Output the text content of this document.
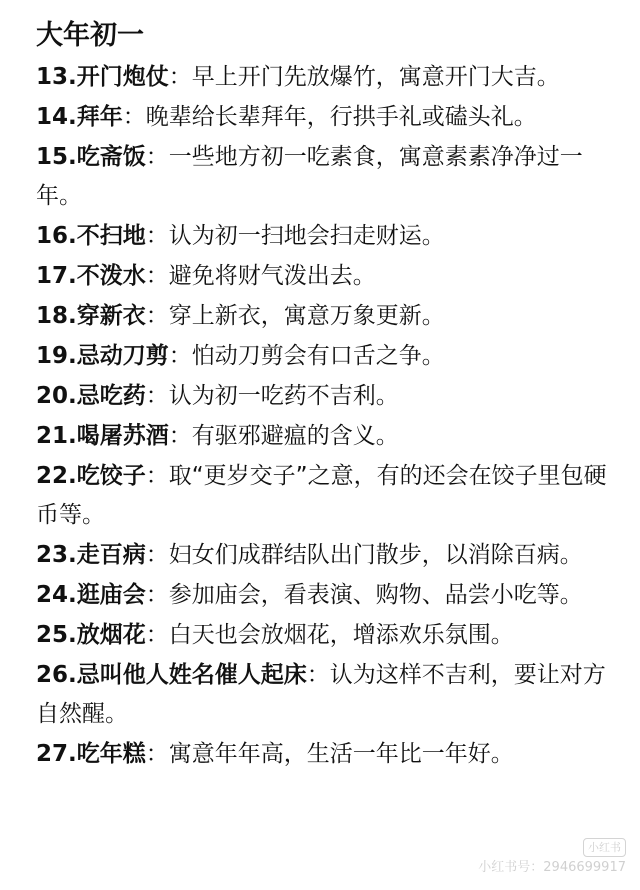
大年初一

13.开门炮仗：早上开门先放爆竹，寓意开门大吉。

14.拜年：晚辈给长辈拜年，行拱手礼或磕头礼。

15.吃斋饭：一些地方初一吃素食，寓意素素净净过一年。

16.不扫地：认为初一扫地会扫走财运。

17.不泼水：避免将财气泼出去。

18.穿新衣：穿上新衣，寓意万象更新。

19.忌动刀剪：怕动刀剪会有口舌之争。

20.忌吃药：认为初一吃药不吉利。

21.喝屠苏酒：有驱邪避瘟的含义。

22.吃饺子：取“更岁交子”之意，有的还会在饺子里包硬币等。

23.走百病：妇女们成群结队出门散步，以消除百病。

24.逛庙会：参加庙会，看表演、购物、品尝小吃等。

25.放烟花：白天也会放烟花，增添欢乐氛围。

26.忌叫他人姓名催人起床：认为这样不吉利，要让对方自然醒。

27.吃年糕：寓意年年高，生活一年比一年好。

小红书
小红书号：2946699917
